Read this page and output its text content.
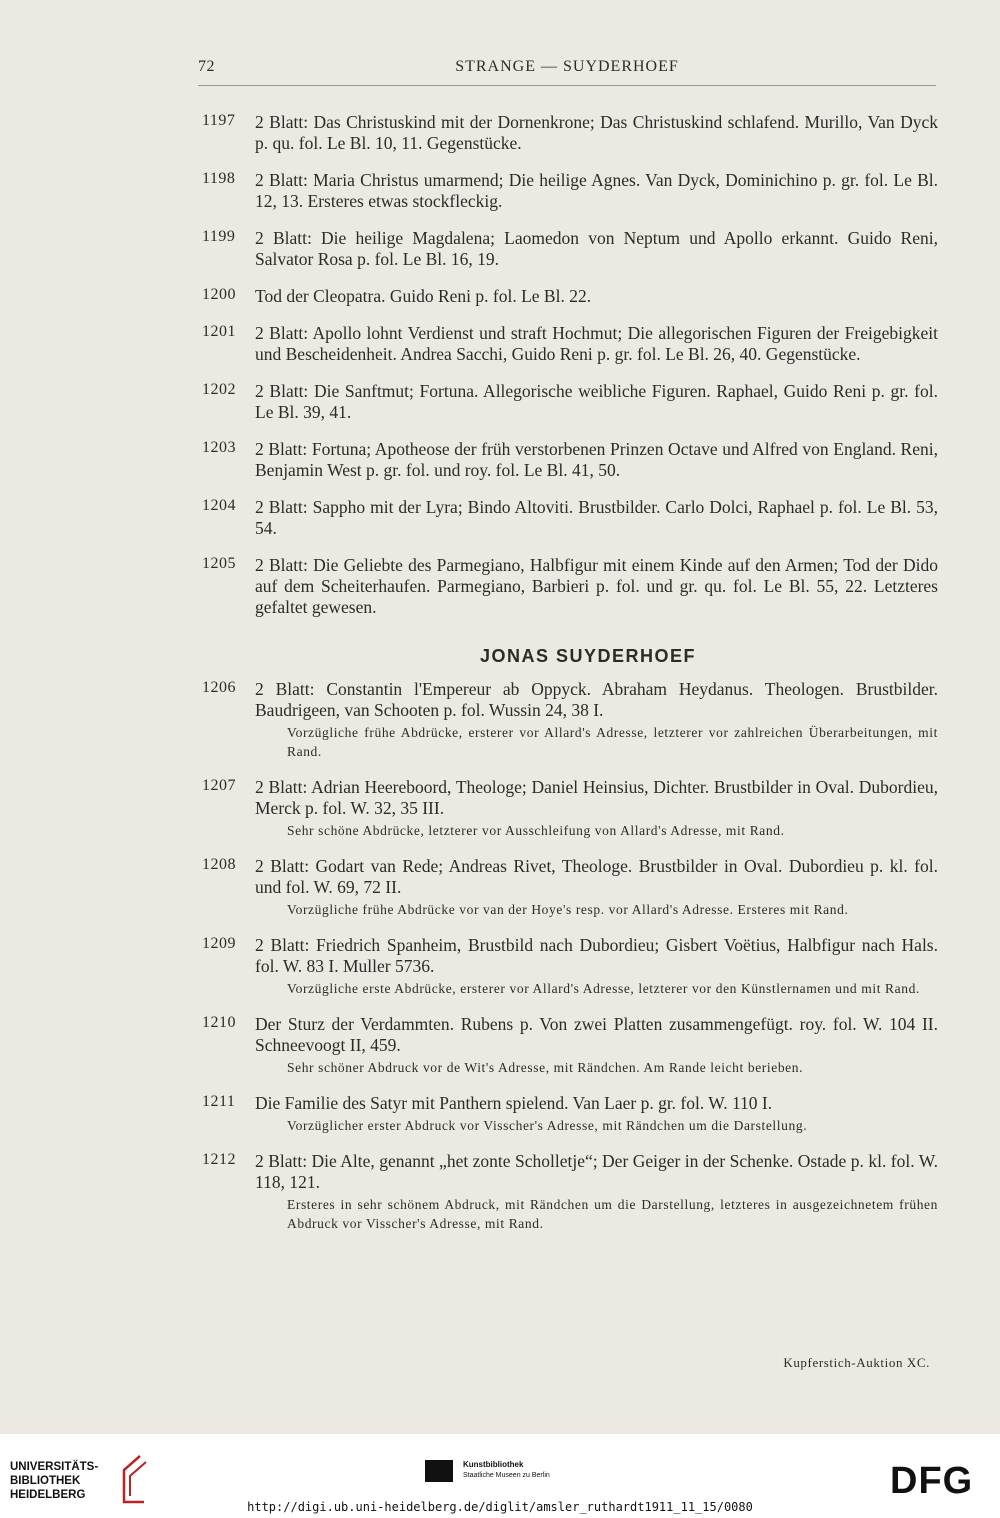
72	STRANGE — SUYDERHOEF
1197 2 Blatt: Das Christuskind mit der Dornenkrone; Das Christuskind schlafend. Murillo, Van Dyck p. qu. fol. Le Bl. 10, 11. Gegenstücke.
1198 2 Blatt: Maria Christus umarmend; Die heilige Agnes. Van Dyck, Dominichino p. gr. fol. Le Bl. 12, 13. Ersteres etwas stockfleckig.
1199 2 Blatt: Die heilige Magdalena; Laomedon von Neptum und Apollo erkannt. Guido Reni, Salvator Rosa p. fol. Le Bl. 16, 19.
1200 Tod der Cleopatra. Guido Reni p. fol. Le Bl. 22.
1201 2 Blatt: Apollo lohnt Verdienst und straft Hochmut; Die allegorischen Figuren der Freigebigkeit und Bescheidenheit. Andrea Sacchi, Guido Reni p. gr. fol. Le Bl. 26, 40. Gegenstücke.
1202 2 Blatt: Die Sanftmut; Fortuna. Allegorische weibliche Figuren. Raphael, Guido Reni p. gr. fol. Le Bl. 39, 41.
1203 2 Blatt: Fortuna; Apotheose der früh verstorbenen Prinzen Octave und Alfred von England. Reni, Benjamin West p. gr. fol. und roy. fol. Le Bl. 41, 50.
1204 2 Blatt: Sappho mit der Lyra; Bindo Altoviti. Brustbilder. Carlo Dolci, Raphael p. fol. Le Bl. 53, 54.
1205 2 Blatt: Die Geliebte des Parmegiano, Halbfigur mit einem Kinde auf den Armen; Tod der Dido auf dem Scheiterhaufen. Parmegiano, Barbieri p. fol. und gr. qu. fol. Le Bl. 55, 22. Letzteres gefaltet gewesen.
JONAS SUYDERHOEF
1206 2 Blatt: Constantin l'Empereur ab Oppyck. Abraham Heydanus. Theologen. Brustbilder. Baudrigeen, van Schooten p. fol. Wussin 24, 38 I.
Vorzügliche frühe Abdrücke, ersterer vor Allard's Adresse, letzterer vor zahlreichen Überarbeitungen, mit Rand.
1207 2 Blatt: Adrian Heereboord, Theologe; Daniel Heinsius, Dichter. Brustbilder in Oval. Dubordieu, Merck p. fol. W. 32, 35 III.
Sehr schöne Abdrücke, letzterer vor Ausschleifung von Allard's Adresse, mit Rand.
1208 2 Blatt: Godart van Rede; Andreas Rivet, Theologe. Brustbilder in Oval. Dubordieu p. kl. fol. und fol. W. 69, 72 II.
Vorzügliche frühe Abdrücke vor van der Hoye's resp. vor Allard's Adresse. Ersteres mit Rand.
1209 2 Blatt: Friedrich Spanheim, Brustbild nach Dubordieu; Gisbert Voëtius, Halbfigur nach Hals. fol. W. 83 I. Muller 5736.
Vorzügliche erste Abdrücke, ersterer vor Allard's Adresse, letzterer vor den Künstlernamen und mit Rand.
1210 Der Sturz der Verdammten. Rubens p. Von zwei Platten zusammengefügt. roy. fol. W. 104 II. Schneevoogt II, 459.
Sehr schöner Abdruck vor de Wit's Adresse, mit Rändchen. Am Rande leicht berieben.
1211 Die Familie des Satyr mit Panthern spielend. Van Laer p. gr. fol. W. 110 I.
Vorzüglicher erster Abdruck vor Visscher's Adresse, mit Rändchen um die Darstellung.
1212 2 Blatt: Die Alte, genannt „het zonte Scholletje“; Der Geiger in der Schenke. Ostade p. kl. fol. W. 118, 121.
Ersteres in sehr schönem Abdruck, mit Rändchen um die Darstellung, letzteres in ausgezeichnetem frühen Abdruck vor Visscher's Adresse, mit Rand.
Kupferstich-Auktion XC.
UNIVERSITÄTS-
BIBLIOTHEK
HEIDELBERG
Kunstbibliothek
Staatliche Museen zu Berlin	DFG
http://digi.ub.uni-heidelberg.de/diglit/amsler_ruthardt1911_11_15/0080
